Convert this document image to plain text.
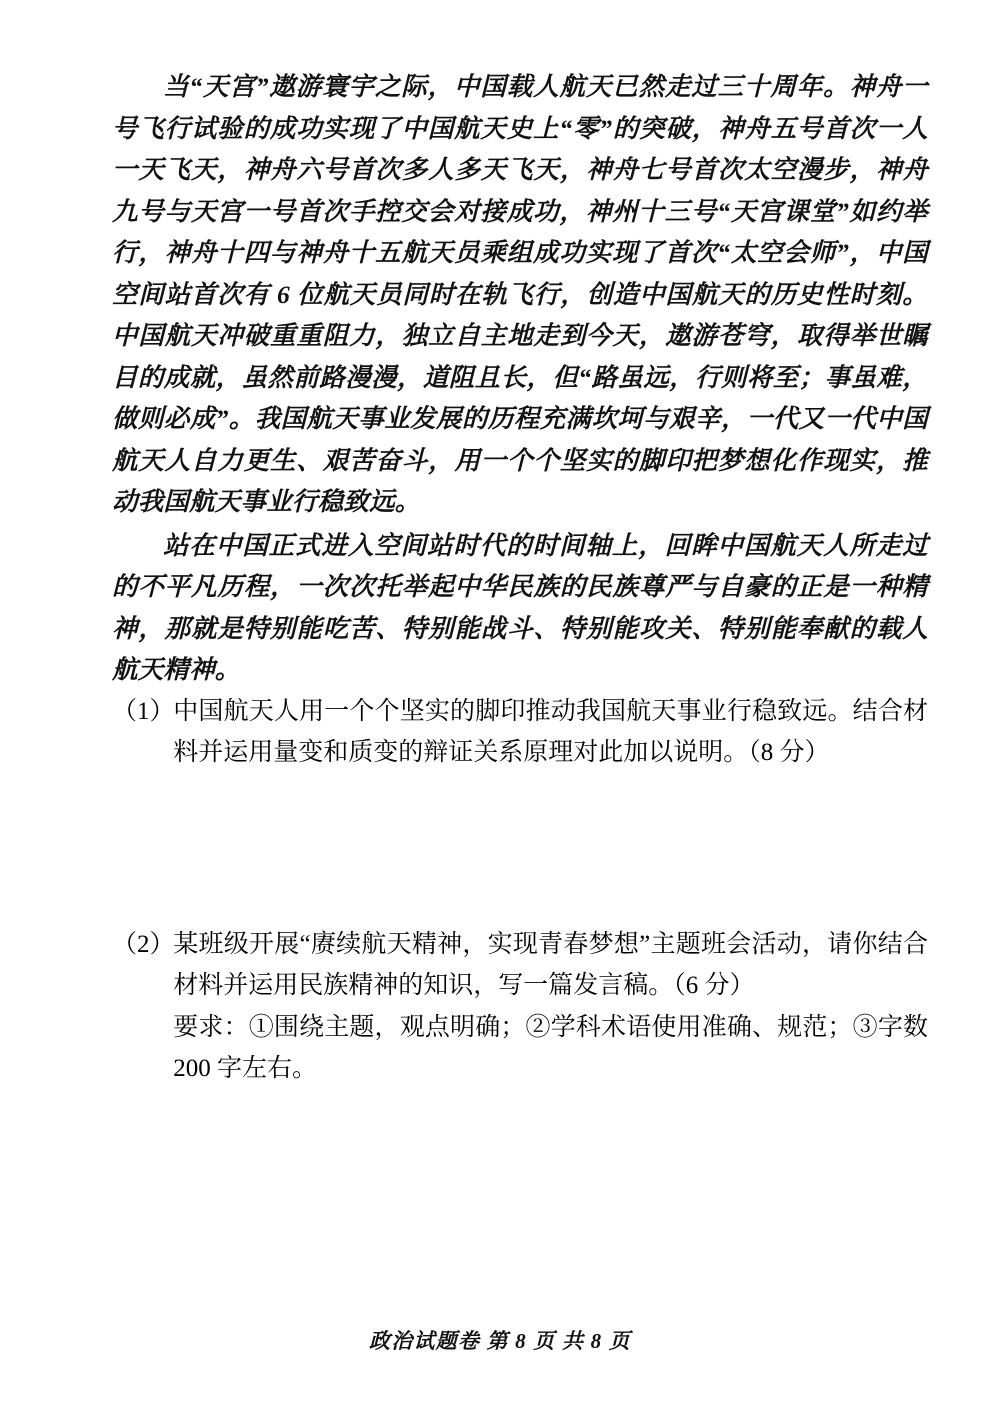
当“天宫”遨游寰宇之际，中国载人航天已然走过三十周年。神舟一号飞行试验的成功实现了中国航天史上“零”的突破，神舟五号首次一人一天飞天，神舟六号首次多人多天飞天，神舟七号首次太空漫步，神舟九号与天宫一号首次手控交会对接成功，神州十三号“天宫课堂”如约举行，神舟十四与神舟十五航天员乘组成功实现了首次“太空会师”，中国空间站首次有 6 位航天员同时在轨飞行，创造中国航天的历史性时刻。中国航天冲破重重阻力，独立自主地走到今天，遨游苍穹，取得举世瞩目的成就，虽然前路漫漫，道阻且长，但“路虽远，行则将至；事虽难，做则必成”。我国航天事业发展的历程充满坎坷与艰辛，一代又一代中国航天人自力更生、艰苦奋斗，用一个个坚实的脚印把梦想化作现实，推动我国航天事业行稳致远。

站在中国正式进入空间站时代的时间轴上，回眸中国航天人所走过的不平凡历程，一次次托举起中华民族的民族尊严与自豪的正是一种精神，那就是特别能吃苦、特别能战斗、特别能攻关、特别能奉献的载人航天精神。

（1）
中国航天人用一个个坚实的脚印推动我国航天事业行稳致远。结合材料并运用量变和质变的辩证关系原理对此加以说明。（8 分）
（2）
某班级开展“赓续航天精神，实现青春梦想”主题班会活动，请你结合材料并运用民族精神的知识，写一篇发言稿。（6 分）
要求：①围绕主题，观点明确；②学科术语使用准确、规范；③字数 200 字左右。
政治试题卷 第 8 页 共 8 页
